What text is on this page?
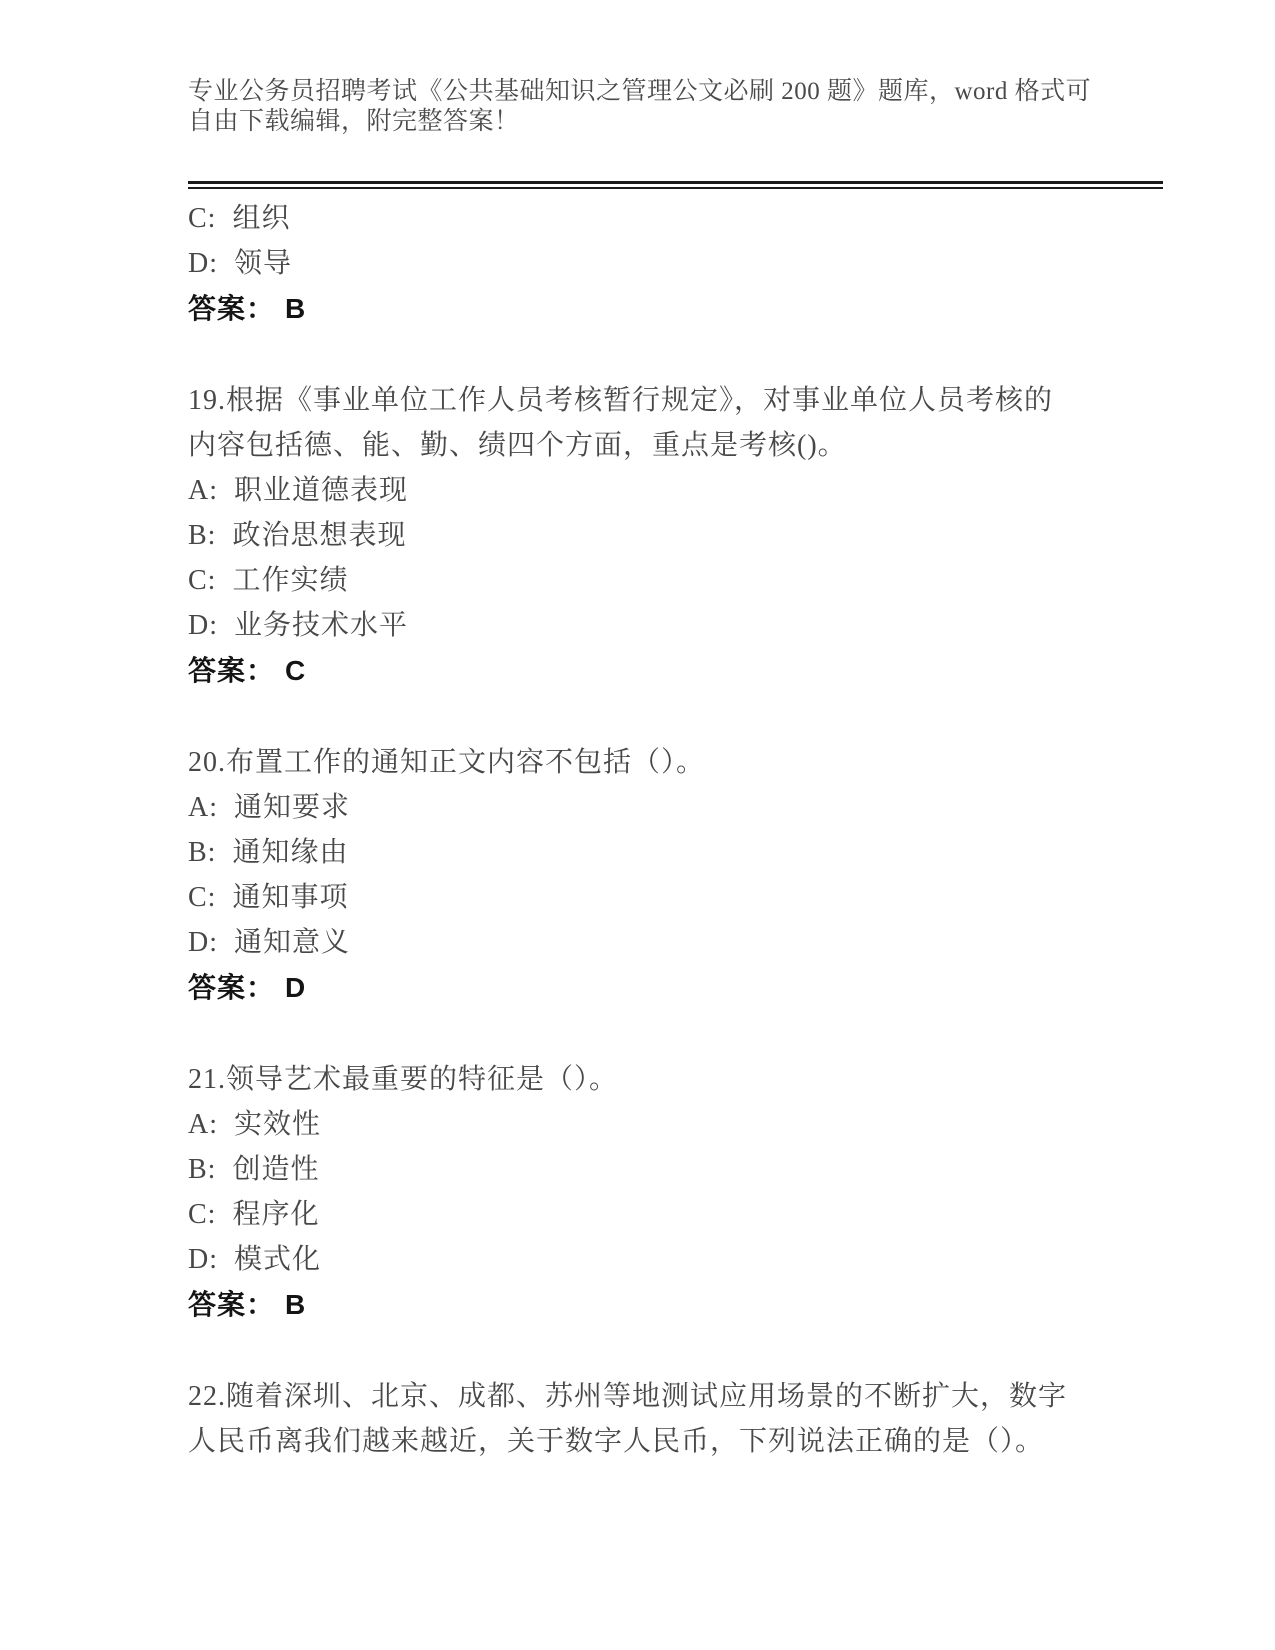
专业公务员招聘考试《公共基础知识之管理公文必刷 200 题》题库，word 格式可

自由下载编辑，附完整答案！

C: 组织

D: 领导

答案： B

19.根据《事业单位工作人员考核暂行规定》，对事业单位人员考核的

内容包括德、能、勤、绩四个方面，重点是考核()。

A: 职业道德表现

B: 政治思想表现

C: 工作实绩

D: 业务技术水平

答案： C

20.布置工作的通知正文内容不包括（）。

A: 通知要求

B: 通知缘由

C: 通知事项

D: 通知意义

答案： D

21.领导艺术最重要的特征是（）。

A: 实效性

B: 创造性

C: 程序化

D: 模式化

答案： B

22.随着深圳、北京、成都、苏州等地测试应用场景的不断扩大，数字

人民币离我们越来越近，关于数字人民币，下列说法正确的是（）。
